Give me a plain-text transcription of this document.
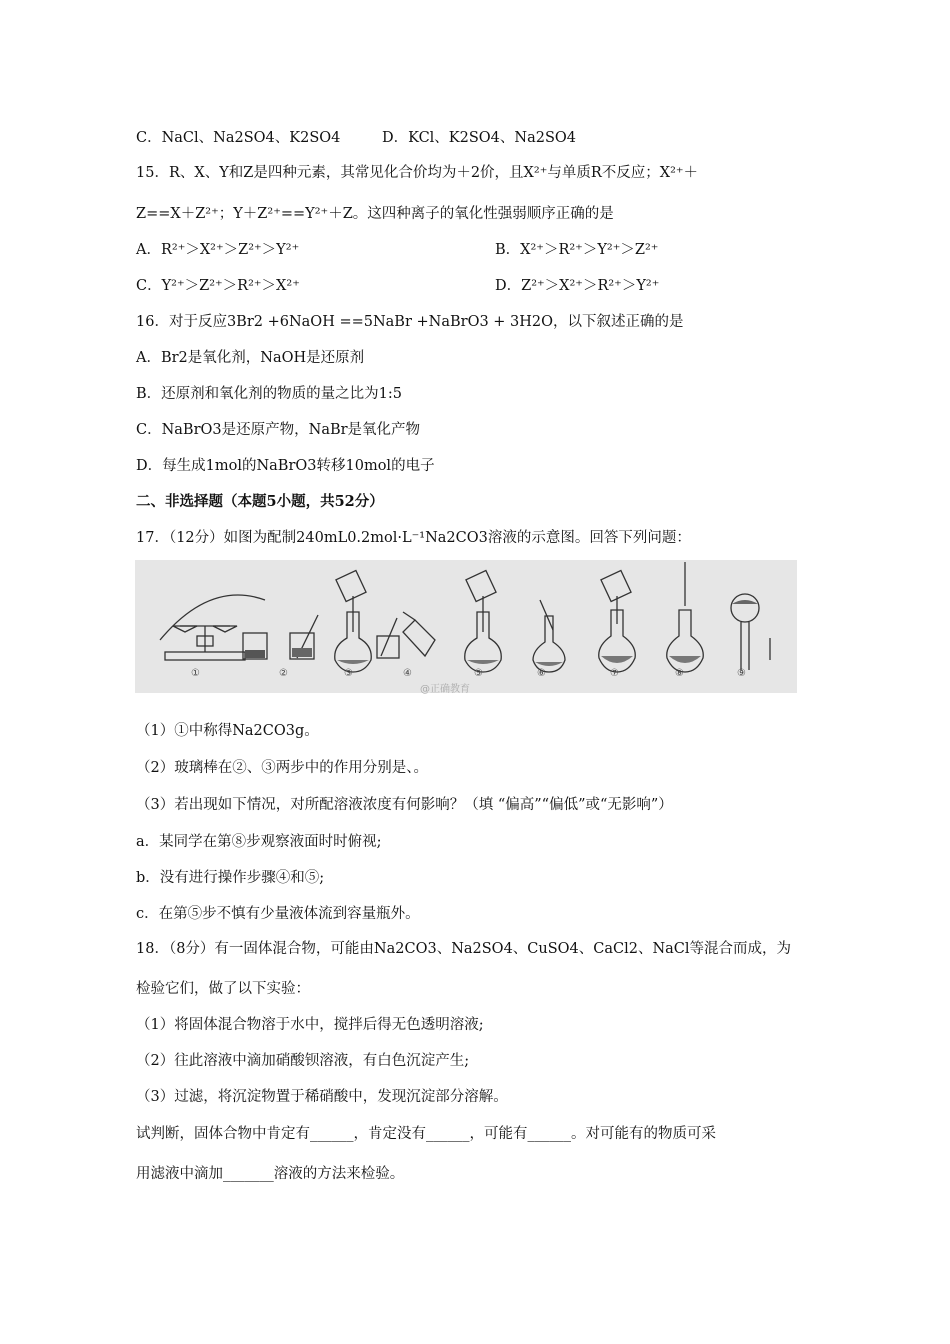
C．NaCl、Na2SO4、K2SO4	D．KCl、K2SO4、Na2SO4
15．R、X、Y和Z是四种元素，其常见化合价均为＋2价，且X²⁺与单质R不反应；X²⁺＋
Z==X＋Z²⁺；Y＋Z²⁺==Y²⁺＋Z。这四种离子的氧化性强弱顺序正确的是
A．R²⁺＞X²⁺＞Z²⁺＞Y²⁺	B．X²⁺＞R²⁺＞Y²⁺＞Z²⁺
C．Y²⁺＞Z²⁺＞R²⁺＞X²⁺	D．Z²⁺＞X²⁺＞R²⁺＞Y²⁺
16．对于反应3Br2 +6NaOH ==5NaBr +NaBrO3 + 3H2O，以下叙述正确的是
A．Br2是氧化剂，NaOH是还原剂
B．还原剂和氧化剂的物质的量之比为1:5
C．NaBrO3是还原产物，NaBr是氧化产物
D．每生成1mol的NaBrO3转移10mol的电子
二、非选择题（本题5小题，共52分）
17．（12分）如图为配制240mL0.2mol·L⁻¹Na2CO3溶液的示意图。回答下列问题：
①	②	③	④	⑤	⑥	⑦	⑧	⑨
@正确教育
（1）①中称得Na2CO3g。
（2）玻璃棒在②、③两步中的作用分别是、。
（3）若出现如下情况，对所配溶液浓度有何影响？（填 “偏高”“偏低”或“无影响”）
a．某同学在第⑧步观察液面时时俯视;
b．没有进行操作步骤④和⑤;
c．在第⑤步不慎有少量液体流到容量瓶外。
18．（8分）有一固体混合物，可能由Na2CO3、Na2SO4、CuSO4、CaCl2、NaCl等混合而成，为
检验它们，做了以下实验：
（1）将固体混合物溶于水中，搅拌后得无色透明溶液;
（2）往此溶液中滴加硝酸钡溶液，有白色沉淀产生;
（3）过滤，将沉淀物置于稀硝酸中，发现沉淀部分溶解。
试判断，固体合物中肯定有______，肯定没有______，可能有______。对可能有的物质可采
用滤液中滴加_______溶液的方法来检验。
